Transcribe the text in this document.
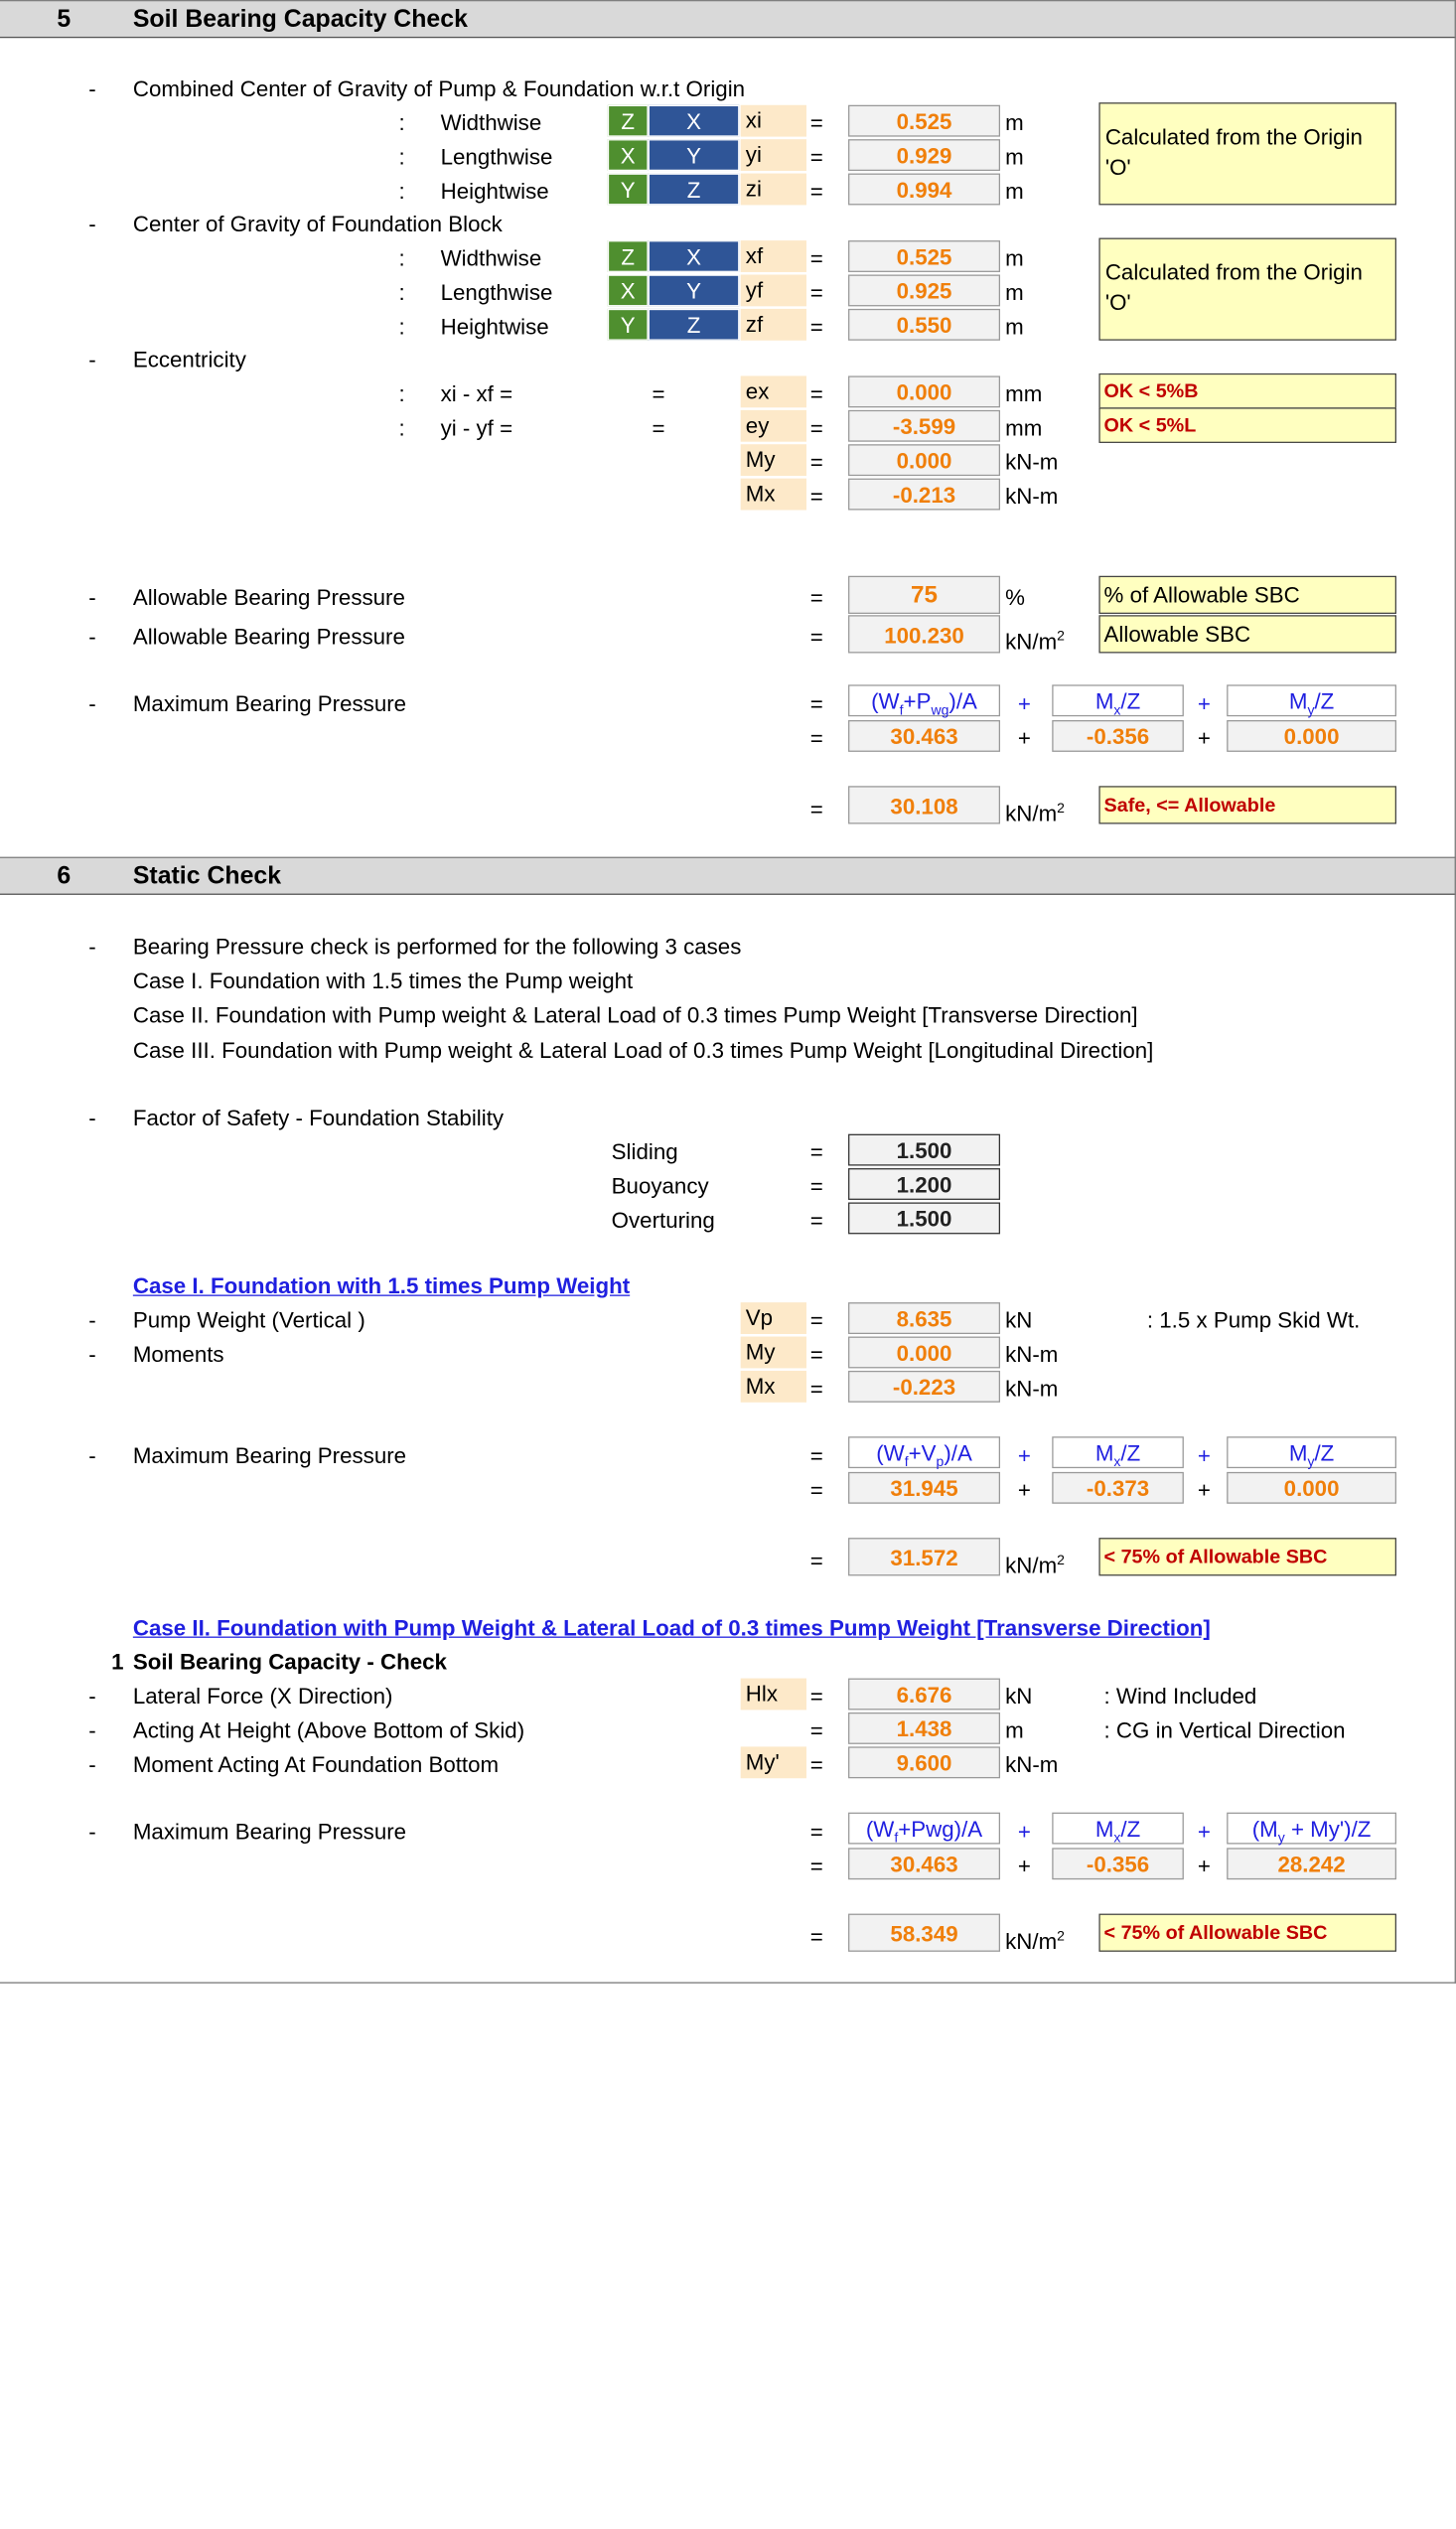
5	Soil Bearing Capacity Check
- Combined Center of Gravity of Pump & Foundation w.r.t Origin
: Widthwise	Z	X	xi	=	0.525	m
: Lengthwise	X	Y	yi	=	0.929	m
: Heightwise	Y	Z	zi	=	0.994	m
Calculated from the Origin 'O'
- Center of Gravity of Foundation Block
: Widthwise	Z	X	xf	=	0.525	m
: Lengthwise	X	Y	yf	=	0.925	m
: Heightwise	Y	Z	zf	=	0.550	m
Calculated from the Origin 'O'
- Eccentricity
: xi - xf =	=	ex	=	0.000	mm	OK < 5%B
: yi - yf =	=	ey	=	-3.599	mm	OK < 5%L
My	=	0.000	kN-m
Mx	=	-0.213	kN-m
- Allowable Bearing Pressure	=	75	%	% of Allowable SBC
- Allowable Bearing Pressure	=	100.230	$kN/m^2$ Allowable SBC
- Maximum Bearing Pressure	=	$(W_f+P_{wg})/A$	+	$M_x/Z$	+	$M_y/Z$
=	30.463	+	-0.356	+	0.000
=	30.108	$kN/m^2$	Safe, <= Allowable
6	Static Check
- Bearing Pressure check is performed for the following 3 cases
Case I. Foundation with 1.5 times the Pump weight
Case II. Foundation with Pump weight & Lateral Load of 0.3 times Pump Weight [Transverse Direction]
Case III. Foundation with Pump weight & Lateral Load of 0.3 times Pump Weight [Longitudinal Direction]
- Factor of Safety - Foundation Stability
Sliding	=	1.500
Buoyancy	=	1.200
Overturing	=	1.500
Case I. Foundation with 1.5 times Pump Weight
- Pump Weight (Vertical )	Vp	=	8.635	kN	: 1.5 x Pump Skid Wt.
- Moments	My	=	0.000	kN-m
Mx	=	-0.223	kN-m
- Maximum Bearing Pressure	=	$(W_f+V_p)/A$	+	$M_x/Z$	+	$M_y/Z$
=	31.945	+	-0.373	+	0.000
=	31.572	$kN/m^2$	< 75% of Allowable SBC
Case II. Foundation with Pump Weight & Lateral Load of 0.3 times Pump Weight [Transverse Direction]
1 Soil Bearing Capacity - Check
- Lateral Force (X Direction)	Hlx	=	6.676	kN	: Wind Included
- Acting At Height (Above Bottom of Skid)	=	1.438	m	: CG in Vertical Direction
- Moment Acting At Foundation Bottom	My'	=	9.600	kN-m
- Maximum Bearing Pressure	=	$(W_f+Pwg)/A$	+	$M_x/Z$	+	$(M_y + My')/Z$
=	30.463	+	-0.356	+	28.242
=	58.349	$kN/m^2$	< 75% of Allowable SBC
